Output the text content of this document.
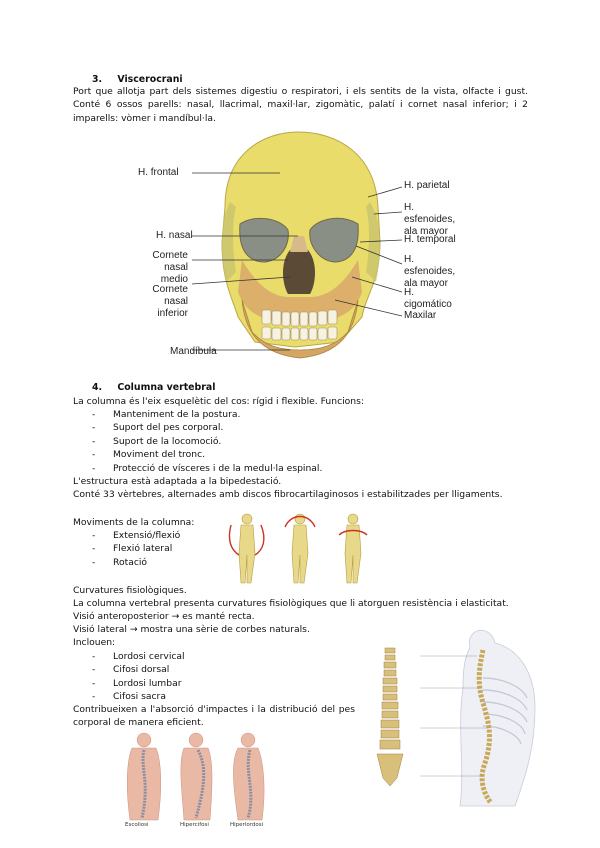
3. Viscerocrani
Port que allotja part dels sistemes digestiu o respiratori, i els sentits de la vista, olfacte i gust. Conté 6 ossos parells: nasal, llacrimal, maxil·lar, zigomàtic, palatí i cornet nasal inferior; i 2 imparells: vòmer i mandíbul·la.
H. frontal
H. nasal
Cornete nasal medio
Cornete nasal inferior
Mandíbula
H. parietal
H. esfenoides, ala mayor
H. temporal
H. esfenoides, ala mayor
H. cigomático
Maxilar
4. Columna vertebral
La columna és l'eix esquelètic del cos: rígid i flexible. Funcions:
- Manteniment de la postura.
- Suport del pes corporal.
- Suport de la locomoció.
- Moviment del tronc.
- Protecció de vísceres i de la medul·la espinal.
L'estructura està adaptada a la bipedestació.
Conté 33 vèrtebres, alternades amb discos fibrocartilaginosos i estabilitzades per lligaments.
Moviments de la columna:
- Extensió/flexió
- Flexió lateral
- Rotació
Curvatures fisiològiques.
La columna vertebral presenta curvatures fisiològiques que li atorguen resistència i elasticitat.
Visió anteroposterior → es manté recta.
Visió lateral → mostra una sèrie de corbes naturals.
Inclouen:
- Lordosi cervical
- Cifosi dorsal
- Lordosi lumbar
- Cifosi sacra
Contribueixen a l'absorció d'impactes i la distribució del pes corporal de manera eficient.
Escoliosi	Hipercifosi	Hiperlordosi
